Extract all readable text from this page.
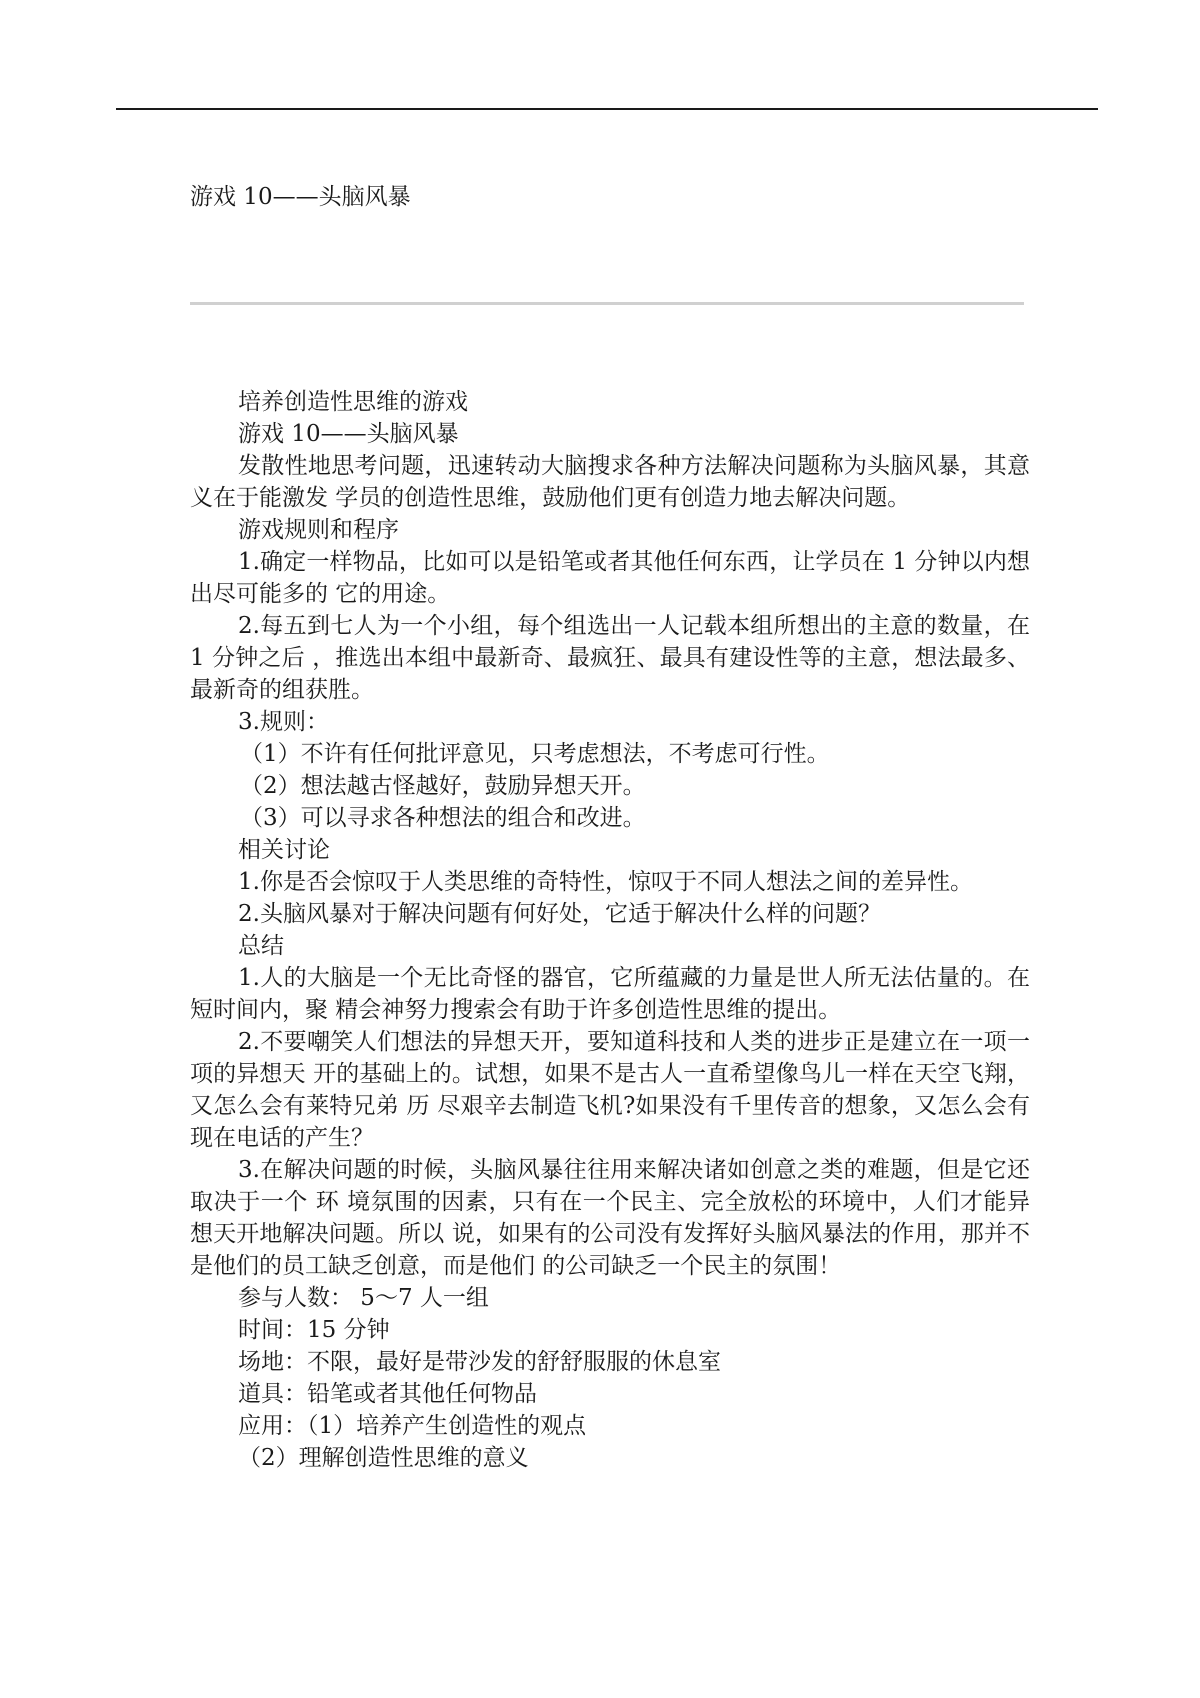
游戏 10——头脑风暴

培养创造性思维的游戏

游戏 10——头脑风暴

发散性地思考问题，迅速转动大脑搜求各种方法解决问题称为头脑风暴，其意义在于能激发 学员的创造性思维，鼓励他们更有创造力地去解决问题。

游戏规则和程序

1.确定一样物品，比如可以是铅笔或者其他任何东西，让学员在 1 分钟以内想出尽可能多的 它的用途。

2.每五到七人为一个小组，每个组选出一人记载本组所想出的主意的数量，在 1 分钟之后 ，推选出本组中最新奇、最疯狂、最具有建设性等的主意，想法最多、最新奇的组获胜。

3.规则：

（1）不许有任何批评意见，只考虑想法，不考虑可行性。

（2）想法越古怪越好，鼓励异想天开。

（3）可以寻求各种想法的组合和改进。

相关讨论

1.你是否会惊叹于人类思维的奇特性，惊叹于不同人想法之间的差异性。

2.头脑风暴对于解决问题有何好处，它适于解决什么样的问题？

总结

1.人的大脑是一个无比奇怪的器官，它所蕴藏的力量是世人所无法估量的。在短时间内，聚 精会神努力搜索会有助于许多创造性思维的提出。

2.不要嘲笑人们想法的异想天开，要知道科技和人类的进步正是建立在一项一项的异想天 开的基础上的。试想，如果不是古人一直希望像鸟儿一样在天空飞翔，又怎么会有莱特兄弟 历 尽艰辛去制造飞机?如果没有千里传音的想象，又怎么会有现在电话的产生？

3.在解决问题的时候，头脑风暴往往用来解决诸如创意之类的难题，但是它还取决于一个 环 境氛围的因素，只有在一个民主、完全放松的环境中，人们才能异想天开地解决问题。所以 说，如果有的公司没有发挥好头脑风暴法的作用，那并不是他们的员工缺乏创意，而是他们 的公司缺乏一个民主的氛围！

参与人数： 5～7 人一组

时间：15 分钟

场地：不限，最好是带沙发的舒舒服服的休息室

道具：铅笔或者其他任何物品

应用：（1）培养产生创造性的观点

（2）理解创造性思维的意义
